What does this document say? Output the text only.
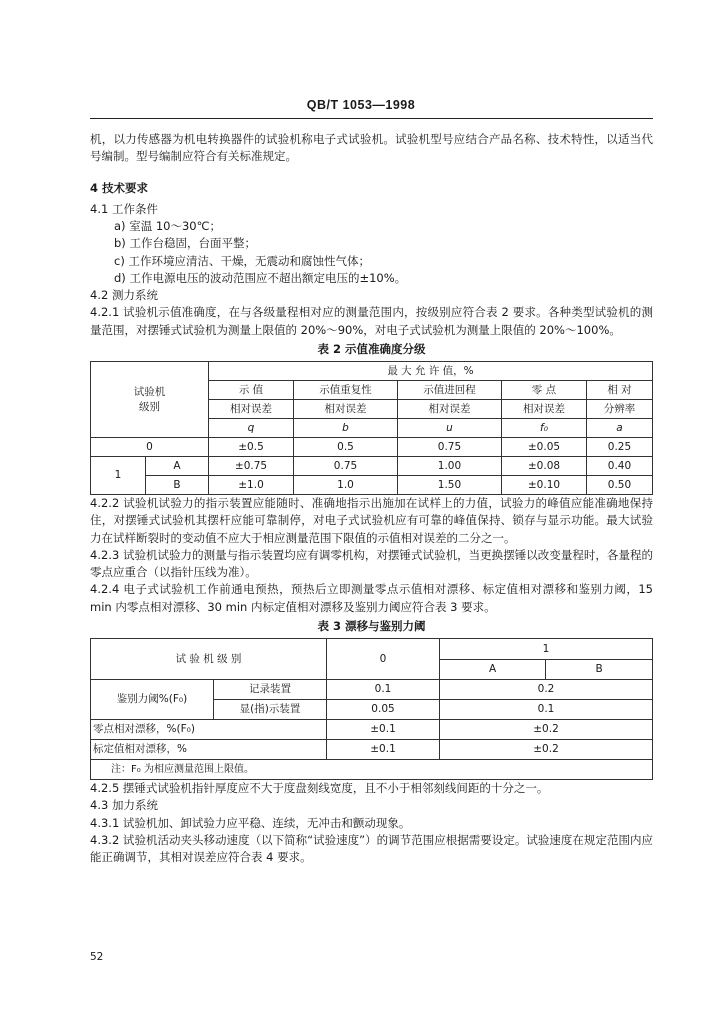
QB/T 1053—1998

机，以力传感器为机电转换器件的试验机称电子式试验机。试验机型号应结合产品名称、技术特性，以适当代号编制。型号编制应符合有关标准规定。

4 技术要求

4.1 工作条件

a) 室温 10～30℃；

b) 工作台稳固，台面平整；

c) 工作环境应清洁、干燥，无震动和腐蚀性气体；

d) 工作电源电压的波动范围应不超出额定电压的±10%。

4.2 测力系统

4.2.1 试验机示值准确度，在与各级量程相对应的测量范围内，按级别应符合表 2 要求。各种类型试验机的测量范围，对摆锤式试验机为测量上限值的 20%～90%，对电子式试验机为测量上限值的 20%～100%。

表 2 示值准确度分级

试验机
级别		最 大 允 许 值，%				
		示 值	示值重复性	示值进回程	零 点	相 对
		相对误差	相对误差	相对误差	相对误差	分辨率
		q	b	u	f₀	a
0		±0.5	0.5	0.75	±0.05	0.25
1	A	±0.75	0.75	1.00	±0.08	0.40
	B	±1.0	1.0	1.50	±0.10	0.50

4.2.2 试验机试验力的指示装置应能随时、准确地指示出施加在试样上的力值，试验力的峰值应能准确地保持住，对摆锤式试验机其摆杆应能可靠制停，对电子式试验机应有可靠的峰值保持、锁存与显示功能。最大试验力在试样断裂时的变动值不应大于相应测量范围下限值的示值相对误差的二分之一。

4.2.3 试验机试验力的测量与指示装置均应有调零机构，对摆锤式试验机，当更换摆锤以改变量程时，各量程的零点应重合（以指针压线为准）。

4.2.4 电子式试验机工作前通电预热，预热后立即测量零点示值相对漂移、标定值相对漂移和鉴别力阈，15 min 内零点相对漂移、30 min 内标定值相对漂移及鉴别力阈应符合表 3 要求。

表 3 漂移与鉴别力阈

试 验 机 级 别		0	1	
			A	B
鉴别力阈%(F₀)	记录装置	0.1	0.2	
	显(指)示装置	0.05	0.1	
零点相对漂移，%(F₀)		±0.1	±0.2	
标定值相对漂移，%		±0.1	±0.2	
注：F₀ 为相应测量范围上限值。				

4.2.5 摆锤式试验机指针厚度应不大于度盘刻线宽度，且不小于相邻刻线间距的十分之一。

4.3 加力系统

4.3.1 试验机加、卸试验力应平稳、连续，无冲击和颤动现象。

4.3.2 试验机活动夹头移动速度（以下简称“试验速度”）的调节范围应根据需要设定。试验速度在规定范围内应能正确调节，其相对误差应符合表 4 要求。

52
